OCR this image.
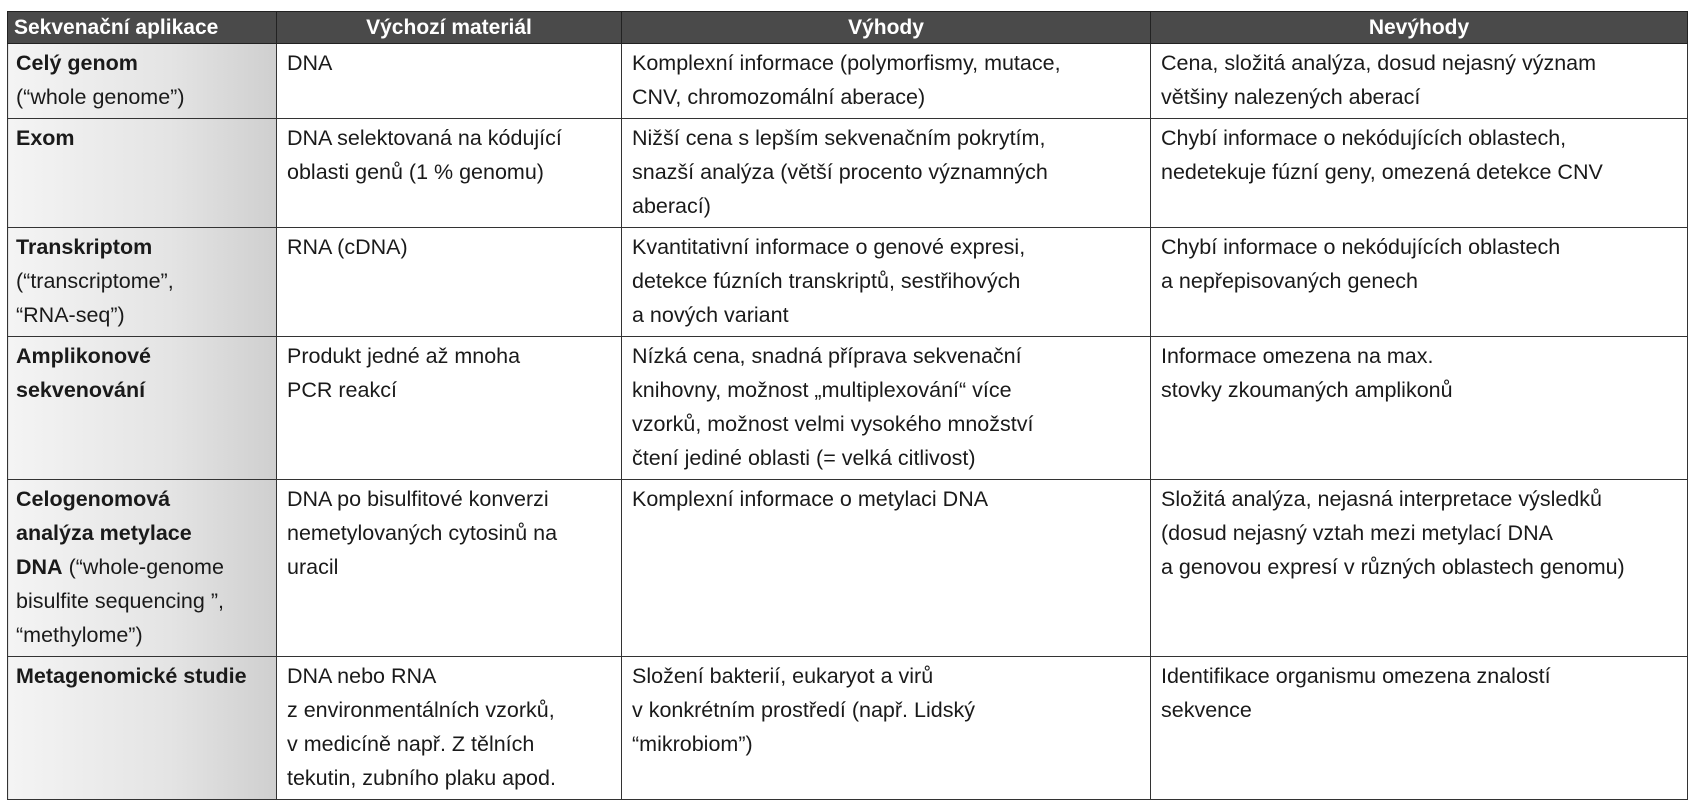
Sekvenační aplikace	Výchozí materiál	Výhody	Nevýhody

Celý genom
(“whole genome”)	DNA	Komplexní informace (polymorfismy, mutace,
CNV, chromozomální aberace)	Cena, složitá analýza, dosud nejasný význam
většiny nalezených aberací

Exom	DNA selektovaná na kódující
oblasti genů (1 % genomu)	Nižší cena s lepším sekvenačním pokrytím,
snazší analýza (větší procento významných
aberací)	Chybí informace o nekódujících oblastech,
nedetekuje fúzní geny, omezená detekce CNV

Transkriptom
(“transcriptome”,
“RNA-seq”)	RNA (cDNA)	Kvantitativní informace o genové expresi,
detekce fúzních transkriptů, sestřihových
a nových variant	Chybí informace o nekódujících oblastech
a nepřepisovaných genech

Amplikonové
sekvenování	Produkt jedné až mnoha
PCR reakcí	Nízká cena, snadná příprava sekvenační
knihovny, možnost „multiplexování“ více
vzorků, možnost velmi vysokého množství
čtení jediné oblasti (= velká citlivost)	Informace omezena na max.
stovky zkoumaných amplikonů

Celogenomová
analýza metylace
DNA (“whole-genome
bisulfite sequencing ”,
“methylome”)	DNA po bisulfitové konverzi
nemetylovaných cytosinů na
uracil	Komplexní informace o metylaci DNA	Složitá analýza, nejasná interpretace výsledků
(dosud nejasný vztah mezi metylací DNA
a genovou expresí v různých oblastech genomu)

Metagenomické studie	DNA nebo RNA
z environmentálních vzorků,
v medicíně např. Z tělních
tekutin, zubního plaku apod.	Složení bakterií, eukaryot a virů
v konkrétním prostředí (např. Lidský
“mikrobiom”)	Identifikace organismu omezena znalostí
sekvence
